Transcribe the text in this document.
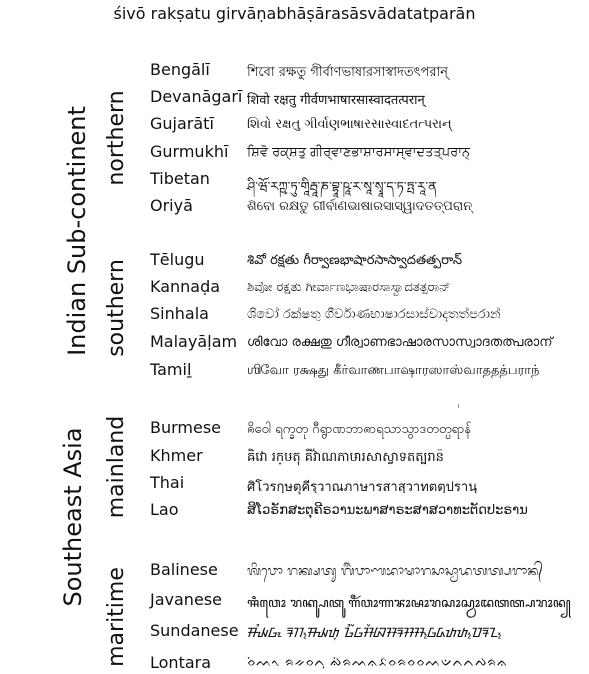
śivō rakṣatu girvāṇabhāṣārasāsvādatatparān
Indian Sub-continent
Southeast Asia
northern
southern
mainland
maritime
Bengālī	শিবো রক্ষতু গীর্বাণভাষারসাস্বাদতৎপরান্
Devanāgarī शिवो रक्षतु गीर्वणभाषारसास्वादतत्परान्
Gujarātī	શિવો રક્ષતુ ગીર્વાણભાષારસાસ્વાદતત્પરાન્
Gurmukhī ਸ਼ਿਵੋ ਰਕ੍ਸ਼ਤੁ ਗੀਰ੍ਵਾਣਭਾਸ਼ਾਰਸਾਸ੍ਵਾਦਤਤ੍ਪਰਾਨ੍
Tibetan	ཤི་ཝོ་རཀྵ་ཏུ་གཱིརྦཱ་ཎ་བྷཱ་ཥཱ་ར་སཱ་སྭཱ་ད་ཏ་ཏྤ་རཱ་ན
Oriyā	ଶିବୋ ରକ୍ଷତୁ ଗୀର୍ବାଣଭାଷାରସାସ୍ୱାଦତତ୍ପରାନ୍
Tēlugu	శివో రక్షతు గీర్వాణభాషారసాస్వాదతత్పరాన్
Kannaḍa ಶಿವೋ ರಕ್ಷತು ಗೀರ್ವಾಣಭಾಷಾರಸಾಸ್ವಾದತತ್ಪರಾನ್
Sinhala	ශිවෝ රක්ෂතු ගීර්වාණභාෂාරසාස්වාදතත්පරාන්
Malayāḷam ശിവോ രക്ഷതു ഗീര്വാണഭാഷാരസാസ്വാദതത്പരാന്
Tamiḻ	ஶிவோ ரக்ஷது கீர்வாணபாஷாரஸாஸ்வாததத்பராந்
Burmese ၐိဝေါ ရက္ခတု ဂီရွာဏဘာၐာရသာသွာဒတတ္ပရာန်
Khmer	ឝិវោ រក្ឞតុ គីវ៌ាណភាឞារសាស្វាទតត្បរាន៑
Thai	ศิโวรกฺษตุคีรฺวาณภาษารสาสฺวาทตตฺปรานฺ
Lao	ສິໂວຣັກສະຕຸຄີຣວານະພາສາຣະສາສວາທະຕັດປະຣານ
Balinese ᬰᬶᬯᭀ ᬭᬓ᭄ᬱᬢᬸ ᬕᬷᬃᬯᬵᬡᬪᬵᬱᬵᬭᬲᬵᬲ᭄ᬯᬵᬤᬢᬢ᭄ᬧᬭᬵᬦ᭄
Javanese ꦯꦶꦮꦺꦴ ꦫꦏ꧀ꦰꦠꦸ ꦒꦷꦂꦮꦴꦟꦨꦴꦰꦴꦫꦱꦴꦱ꧀ꦮꦴꦢꦠꦠ꧀ꦥꦫꦴꦤ꧀
Sundanese ᮯᮤᮝᮧ ᮛᮊ᮪ᮯᮒᮥ ᮌᮤᮁᮝᮞᮨᮘᮞᮛᮞᮞ᮪ᮝᮓᮒᮒ᮪ᮕᮛᮔ᮪
Lontara	ᨔᨗᨓᨚ ᨑᨀᨔᨈᨘ ᨁᨗᨑᨓᨊᨅᨔᨑᨔᨔᨓᨉᨈᨈᨄᨑᨊ
